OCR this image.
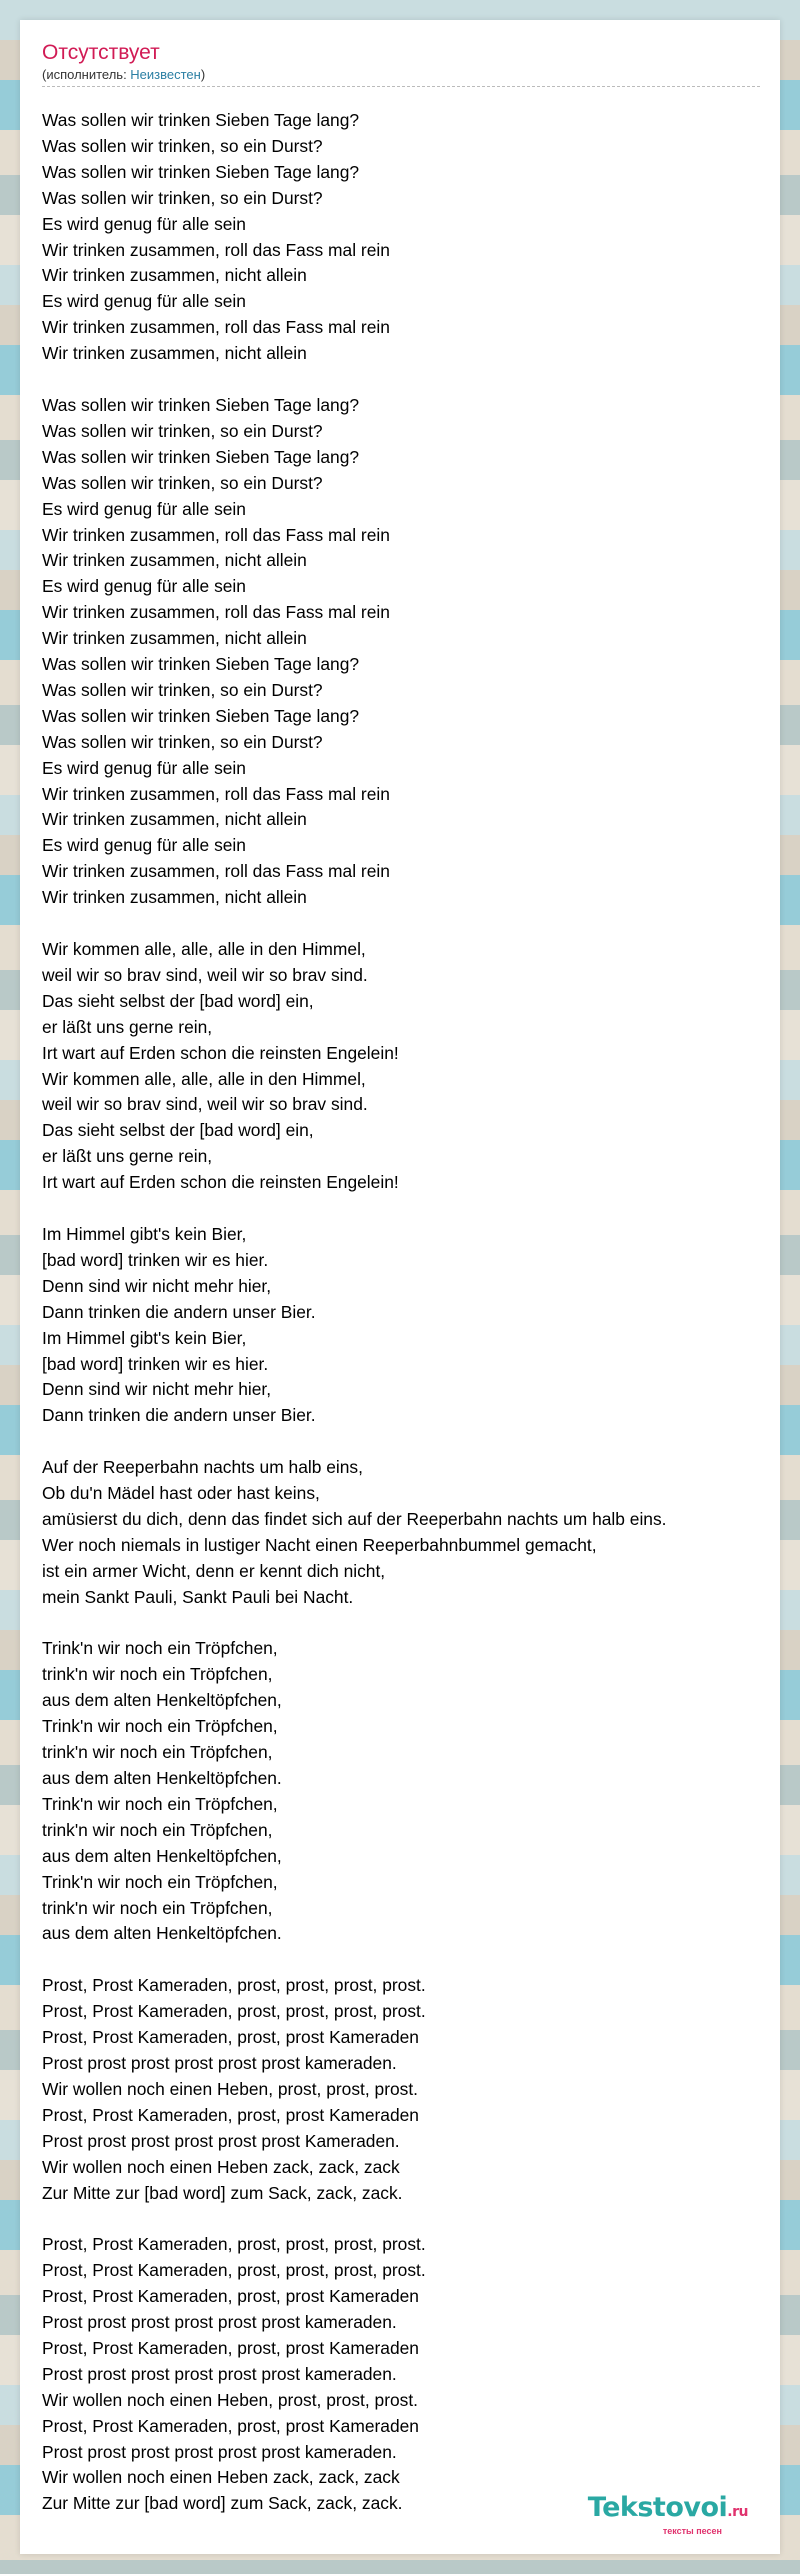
Отсутствует
(исполнитель: Неизвестен)
Was sollen wir trinken Sieben Tage lang?
Was sollen wir trinken, so ein Durst?
Was sollen wir trinken Sieben Tage lang?
Was sollen wir trinken, so ein Durst?
Es wird genug für alle sein
Wir trinken zusammen, roll das Fass mal rein
Wir trinken zusammen, nicht allein
Es wird genug für alle sein
Wir trinken zusammen, roll das Fass mal rein
Wir trinken zusammen, nicht allein

Was sollen wir trinken Sieben Tage lang?
Was sollen wir trinken, so ein Durst?
Was sollen wir trinken Sieben Tage lang?
Was sollen wir trinken, so ein Durst?
Es wird genug für alle sein
Wir trinken zusammen, roll das Fass mal rein
Wir trinken zusammen, nicht allein
Es wird genug für alle sein
Wir trinken zusammen, roll das Fass mal rein
Wir trinken zusammen, nicht allein
Was sollen wir trinken Sieben Tage lang?
Was sollen wir trinken, so ein Durst?
Was sollen wir trinken Sieben Tage lang?
Was sollen wir trinken, so ein Durst?
Es wird genug für alle sein
Wir trinken zusammen, roll das Fass mal rein
Wir trinken zusammen, nicht allein
Es wird genug für alle sein
Wir trinken zusammen, roll das Fass mal rein
Wir trinken zusammen, nicht allein

Wir kommen alle, alle, alle in den Himmel,
weil wir so brav sind, weil wir so brav sind.
Das sieht selbst der [bad word] ein,
er läßt uns gerne rein,
Irt wart auf Erden schon die reinsten Engelein!
Wir kommen alle, alle, alle in den Himmel,
weil wir so brav sind, weil wir so brav sind.
Das sieht selbst der [bad word] ein,
er läßt uns gerne rein,
Irt wart auf Erden schon die reinsten Engelein!

Im Himmel gibt's kein Bier,
[bad word] trinken wir es hier.
Denn sind wir nicht mehr hier,
Dann trinken die andern unser Bier.
Im Himmel gibt's kein Bier,
[bad word] trinken wir es hier.
Denn sind wir nicht mehr hier,
Dann trinken die andern unser Bier.

Auf der Reeperbahn nachts um halb eins,
Ob du'n Mädel hast oder hast keins,
amüsierst du dich, denn das findet sich auf der Reeperbahn nachts um halb eins.
Wer noch niemals in lustiger Nacht einen Reeperbahnbummel gemacht,
ist ein armer Wicht, denn er kennt dich nicht,
mein Sankt Pauli, Sankt Pauli bei Nacht.

Trink'n wir noch ein Tröpfchen,
trink'n wir noch ein Tröpfchen,
aus dem alten Henkeltöpfchen,
Trink'n wir noch ein Tröpfchen,
trink'n wir noch ein Tröpfchen,
aus dem alten Henkeltöpfchen.
Trink'n wir noch ein Tröpfchen,
trink'n wir noch ein Tröpfchen,
aus dem alten Henkeltöpfchen,
Trink'n wir noch ein Tröpfchen,
trink'n wir noch ein Tröpfchen,
aus dem alten Henkeltöpfchen.

Prost, Prost Kameraden, prost, prost, prost, prost.
Prost, Prost Kameraden, prost, prost, prost, prost.
Prost, Prost Kameraden, prost, prost Kameraden
Prost prost prost prost prost prost kameraden.
Wir wollen noch einen Heben, prost, prost, prost.
Prost, Prost Kameraden, prost, prost Kameraden
Prost prost prost prost prost prost Kameraden.
Wir wollen noch einen Heben zack, zack, zack
Zur Mitte zur [bad word] zum Sack, zack, zack.

Prost, Prost Kameraden, prost, prost, prost, prost.
Prost, Prost Kameraden, prost, prost, prost, prost.
Prost, Prost Kameraden, prost, prost Kameraden
Prost prost prost prost prost prost kameraden.
Prost, Prost Kameraden, prost, prost Kameraden
Prost prost prost prost prost prost kameraden.
Wir wollen noch einen Heben, prost, prost, prost.
Prost, Prost Kameraden, prost, prost Kameraden
Prost prost prost prost prost prost kameraden.
Wir wollen noch einen Heben zack, zack, zack
Zur Mitte zur [bad word] zum Sack, zack, zack.	Tekstovoi.ru
тексты песен
